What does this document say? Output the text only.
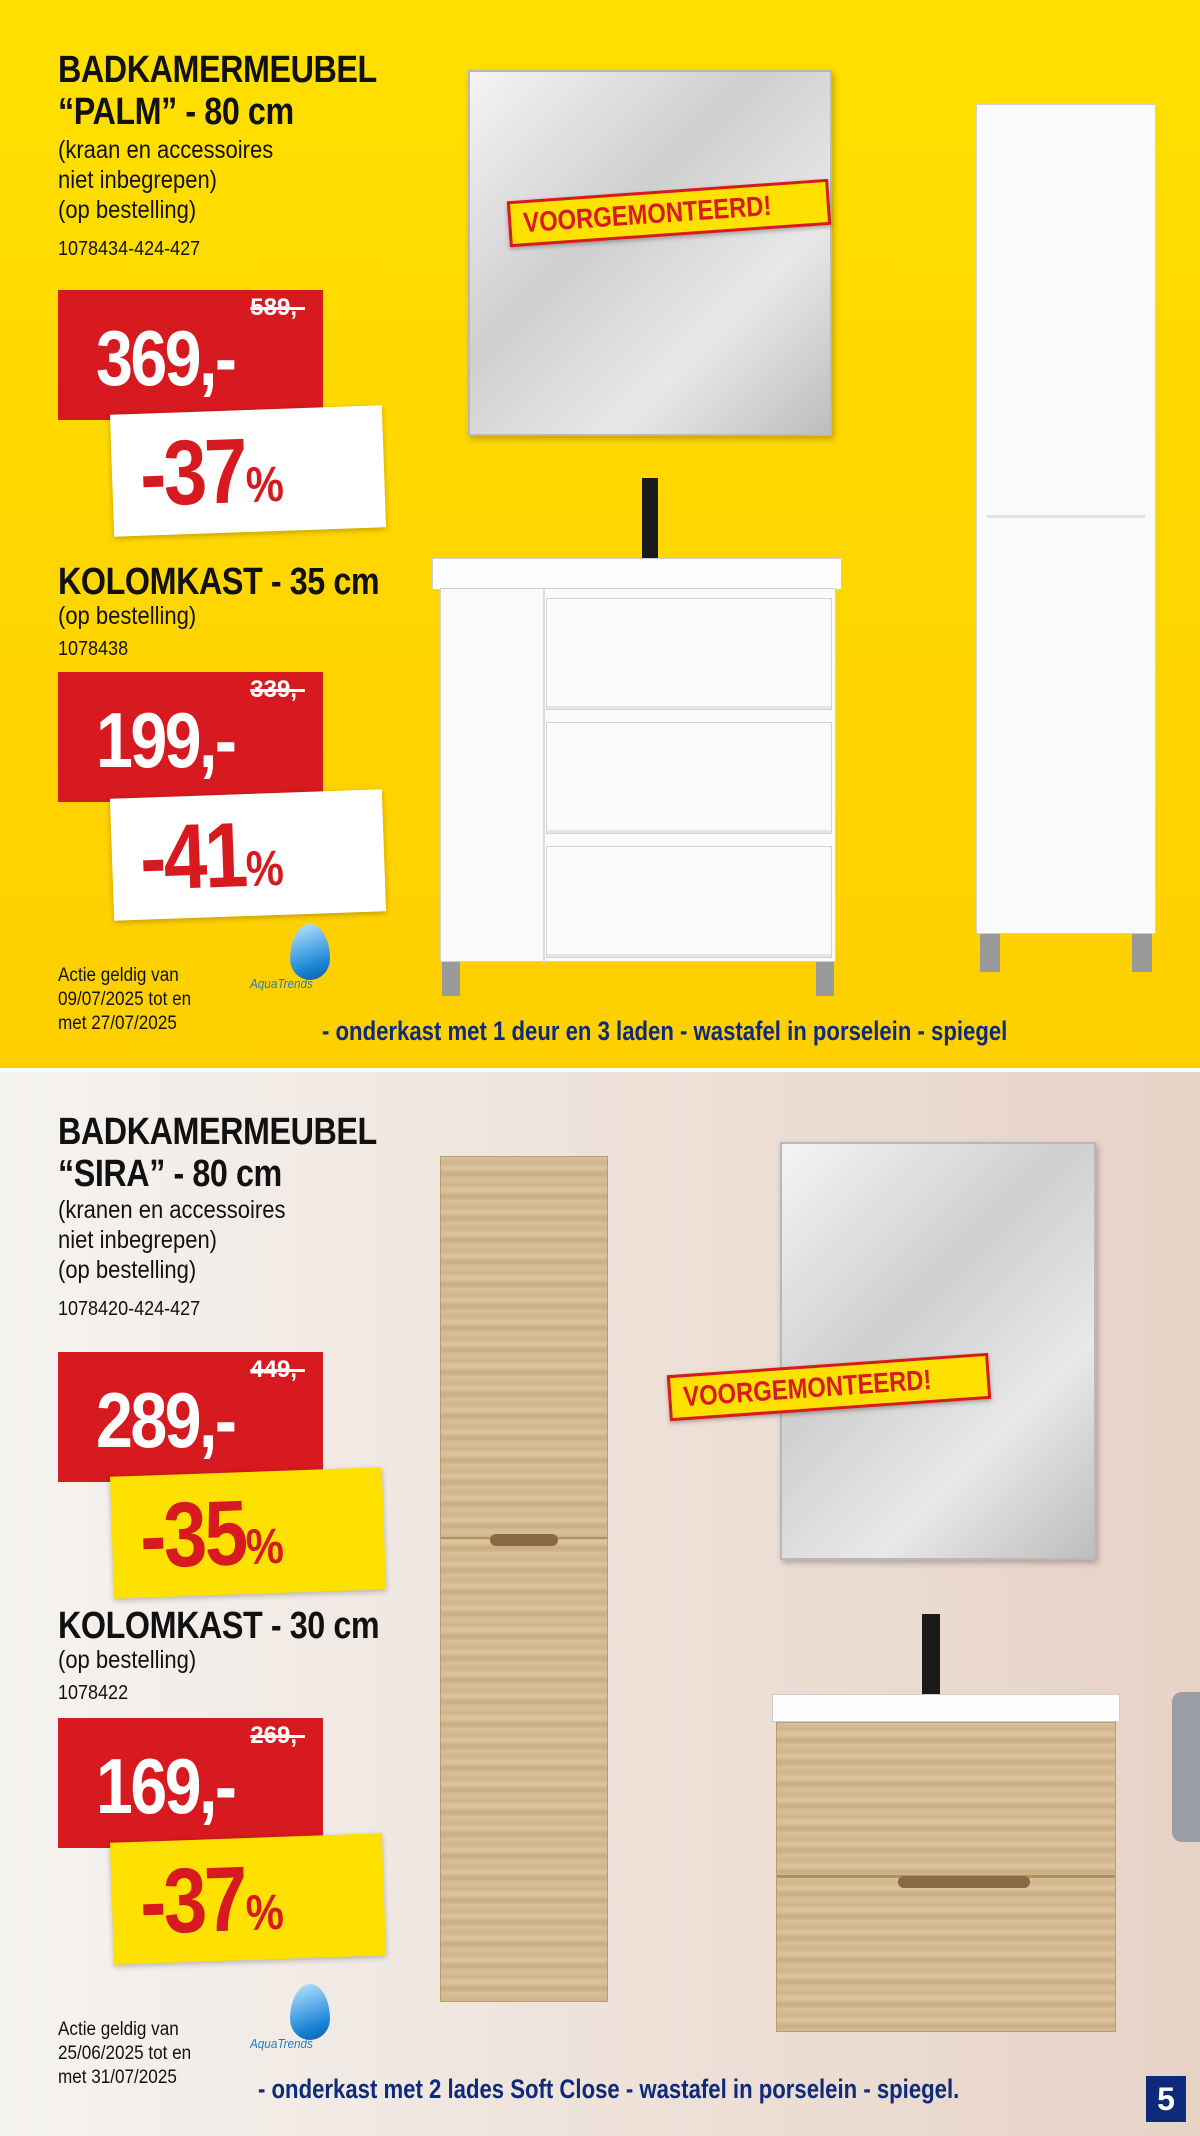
VOORGEMONTEERD!
BADKAMERMEUBEL
“PALM” - 80 cm
(kraan en accessoires
niet inbegrepen)
(op bestelling)
1078434-424-427
589,-
369,-
-37%
KOLOMKAST - 35 cm
(op bestelling)
1078438
339,-
199,-
-41%
Actie geldig van
09/07/2025 tot en
met 27/07/2025
AquaTrends
- onderkast met 1 deur en 3 laden - wastafel in porselein - spiegel
VOORGEMONTEERD!
BADKAMERMEUBEL
“SIRA” - 80 cm
(kranen en accessoires
niet inbegrepen)
(op bestelling)
1078420-424-427
449,-
289,-
-35%
KOLOMKAST - 30 cm
(op bestelling)
1078422
269,-
169,-
-37%
Actie geldig van
25/06/2025 tot en
met 31/07/2025
AquaTrends
- onderkast met 2 lades Soft Close - wastafel in porselein - spiegel.	5
